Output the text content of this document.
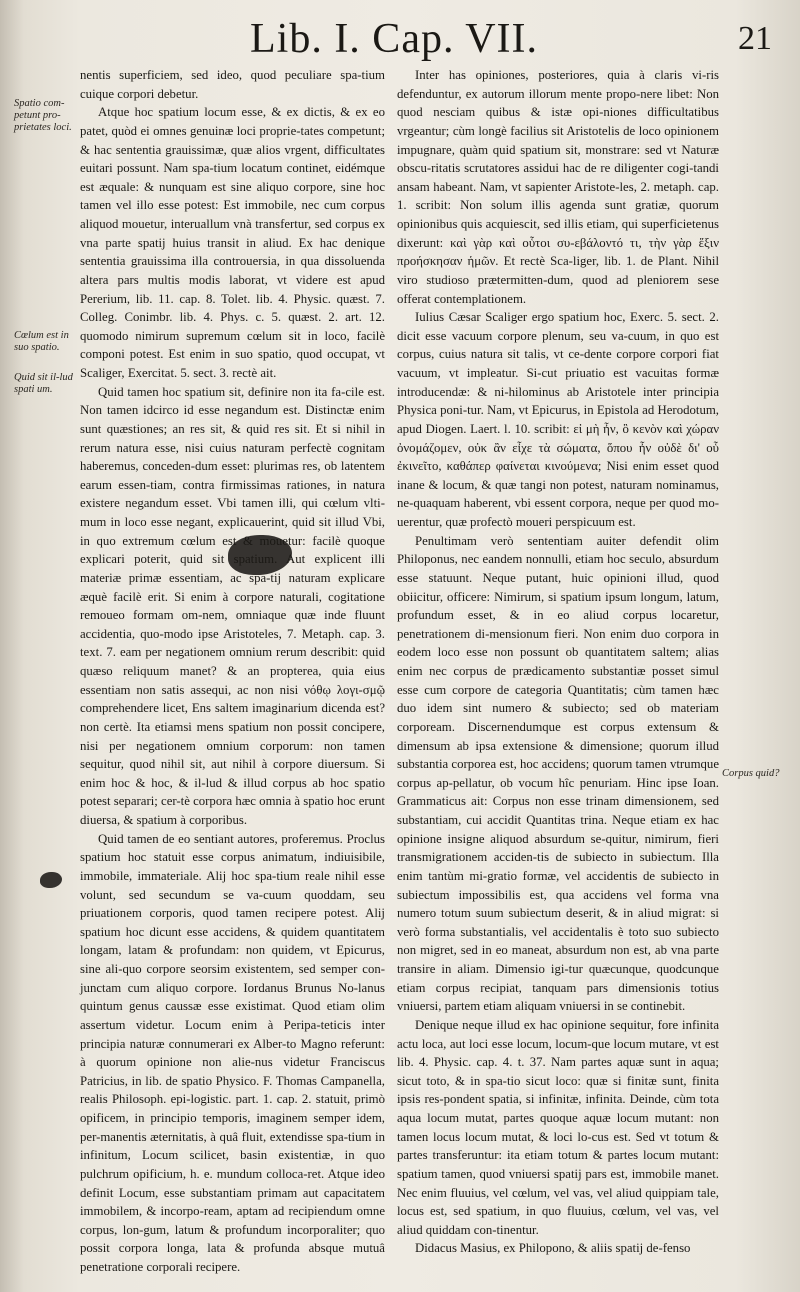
Lib. I. Cap. VII.	21
Spatio com-petunt pro-prietates loci.
Cœlum est in suo spatio.
Quid sit il-lud spati um.
Corpus quid?

nentis superficiem, sed ideo, quod peculiare spa-tium cuique corpori debetur.

Atque hoc spatium locum esse, & ex dictis, & ex eo patet, quòd ei omnes genuinæ loci proprie-tates competunt; & hac sententia grauissimæ, quæ alios vrgent, difficultates euitari possunt. Nam spa-tium locatum continet, eidémque est æquale: & nunquam est sine aliquo corpore, sine hoc tamen vel illo esse potest: Est immobile, nec cum corpus aliquod mouetur, interuallum vnà transfertur, sed corpus ex vna parte spatij huius transit in aliud. Ex hac denique sententia grauissima illa controuersia, in qua dissoluenda altera pars multis modis laborat, vt videre est apud Pererium, lib. 11. cap. 8. Tolet. lib. 4. Physic. quæst. 7. Colleg. Conimbr. lib. 4. Phys. c. 5. quæst. 2. art. 12. quomodo nimirum supremum cœlum sit in loco, facilè componi potest. Est enim in suo spatio, quod occupat, vt Scaliger, Exercitat. 5. sect. 3. rectè ait.

Quid tamen hoc spatium sit, definire non ita fa-cile est. Non tamen idcirco id esse negandum est. Distinctæ enim sunt quæstiones; an res sit, & quid res sit. Et si nihil in rerum natura esse, nisi cuius naturam perfectè cognitam haberemus, conceden-dum esset: plurimas res, ob latentem earum essen-tiam, contra firmissimas rationes, in natura existere negandum esset. Vbi tamen illi, qui cœlum vlti-mum in loco esse negant, explicauerint, quid sit illud Vbi, in quo extremum cœlum est & mouetur: facilè quoque explicari poterit, quid sit spatium. Aut explicent illi materiæ primæ essentiam, ac spa-tij naturam explicare æquè facilè erit. Si enim à corpore naturali, cogitatione remoueo formam om-nem, omniaque quæ inde fluunt accidentia, quo-modo ipse Aristoteles, 7. Metaph. cap. 3. text. 7. eam per negationem omnium rerum describit: quid quæso reliquum manet? & an propterea, quia eius essentiam non satis assequi, ac non nisi νόθῳ λογι-σμῷ comprehendere licet, Ens saltem imaginarium dicenda est? non certè. Ita etiamsi mens spatium non possit concipere, nisi per negationem omnium corporum: non tamen sequitur, quod nihil sit, aut nihil à corpore diuersum. Si enim hoc & hoc, & il-lud & illud corpus ab hoc spatio potest separari; cer-tè corpora hæc omnia à spatio hoc erunt diuersa, & spatium à corporibus.

Quid tamen de eo sentiant autores, proferemus. Proclus spatium hoc statuit esse corpus animatum, indiuisibile, immobile, immateriale. Alij hoc spa-tium reale nihil esse volunt, sed secundum se va-cuum quoddam, seu priuationem corporis, quod tamen recipere potest. Alij spatium hoc dicunt esse accidens, & quidem quantitatem longam, latam & profundam: non quidem, vt Epicurus, sine ali-quo corpore seorsim existentem, sed semper con-junctam cum aliquo corpore. Iordanus Brunus No-lanus quintum genus caussæ esse existimat. Quod etiam olim assertum videtur. Locum enim à Peripa-teticis inter principia naturæ connumerari ex Alber-to Magno referunt: à quorum opinione non alie-nus videtur Franciscus Patricius, in lib. de spatio Physico. F. Thomas Campanella, realis Philosoph. epi-logistic. part. 1. cap. 2. statuit, primò opificem, in principio temporis, imaginem semper idem, per-manentis æternitatis, à quâ fluit, extendisse spa-tium in infinitum, Locum scilicet, basin existentiæ, in quo pulchrum opificium, h. e. mundum colloca-ret. Atque ideo definit Locum, esse substantiam primam aut capacitatem immobilem, & incorpo-ream, aptam ad recipiendum omne corpus, lon-gum, latum & profundum incorporaliter; quo possit corpora longa, lata & profunda absque mutuâ penetratione corporali recipere.

Inter has opiniones, posteriores, quia à claris vi-ris defenduntur, ex autorum illorum mente propo-nere libet: Non quod nesciam quibus & istæ opi-niones difficultatibus vrgeantur; cùm longè facilius sit Aristotelis de loco opinionem impugnare, quàm quid spatium sit, monstrare: sed vt Naturæ obscu-ritatis scrutatores assidui hac de re diligenter cogi-tandi ansam habeant. Nam, vt sapienter Aristote-les, 2. metaph. cap. 1. scribit: Non solum illis agenda sunt gratiæ, quorum opinionibus quis acquiescit, sed illis etiam, qui superficietenus dixerunt: καὶ γὰρ καὶ οὗτοι συ-εβάλοντό τι, τὴν γὰρ ἕξιν προήσκησαν ἡμῶν. Et rectè Sca-liger, lib. 1. de Plant. Nihil viro studioso prætermitten-dum, quod ad pleniorem sese offerat contemplationem.

Iulius Cæsar Scaliger ergo spatium hoc, Exerc. 5. sect. 2. dicit esse vacuum corpore plenum, seu va-cuum, in quo est corpus, cuius natura sit talis, vt ce-dente corpore corpori fiat vacuum, vt impleatur. Si-cut priuatio est vacuitas formæ introducendæ: & ni-hilominus ab Aristotele inter principia Physica poni-tur. Nam, vt Epicurus, in Epistola ad Herodotum, apud Diogen. Laert. l. 10. scribit: εἰ μὴ ἦν, ὃ κενὸν καὶ χώραν ὀνομάζομεν, οὐκ ἂν εἶχε τὰ σώματα, ὅπου ἦν οὐδὲ δι' οὗ ἐκινεῖτο, καθάπερ φαίνεται κινούμενα; Nisi enim esset quod inane & locum, & quæ tangi non potest, naturam nominamus, ne-quaquam haberent, vbi essent corpora, neque per quod mo-uerentur, quæ profectò moueri perspicuum est.

Penultimam verò sententiam auiter defendit olim Philoponus, nec eandem nonnulli, etiam hoc seculo, absurdum esse statuunt. Neque putant, huic opinioni illud, quod obiicitur, officere: Nimirum, si spatium ipsum longum, latum, profundum esset, & in eo aliud corpus locaretur, penetrationem di-mensionum fieri. Non enim duo corpora in eodem loco esse non possunt ob quantitatem saltem; alias enim nec corpus de prædicamento substantiæ posset simul esse cum corpore de categoria Quantitatis; cùm tamen hæc duo idem sint numero & subiecto; sed ob materiam corpoream. Discernendumque est corpus extensum & dimensum ab ipsa extensione & dimensione; quorum illud substantia corporea est, hoc accidens; quorum tamen vtrumque corpus ap-pellatur, ob vocum hîc penuriam. Hinc ipse Ioan. Grammaticus ait: Corpus non esse trinam dimensionem, sed substantiam, cui accidit Quantitas trina. Neque etiam ex hac opinione insigne aliquod absurdum se-quitur, nimirum, fieri transmigrationem acciden-tis de subiecto in subiectum. Illa enim tantùm mi-gratio formæ, vel accidentis de subiecto in subiectum impossibilis est, qua accidens vel forma vna numero totum suum subiectum deserit, & in aliud migrat: si verò forma substantialis, vel accidentalis è toto suo subiecto non migret, sed in eo maneat, absurdum non est, ab vna parte transire in aliam. Dimensio igi-tur quæcunque, quodcunque etiam corpus recipiat, tanquam pars dimensionis totius vniuersi, partem etiam aliquam vniuersi in se continebit.

Denique neque illud ex hac opinione sequitur, fore infinita actu loca, aut loci esse locum, locum-que locum mutare, vt est lib. 4. Physic. cap. 4. t. 37. Nam partes aquæ sunt in aqua; sicut toto, & in spa-tio sicut loco: quæ si finitæ sunt, finita ipsis res-pondent spatia, si infinitæ, infinita. Deinde, cùm tota aqua locum mutat, partes quoque aquæ locum mutant: non tamen locus locum mutat, & loci lo-cus est. Sed vt totum & partes transferuntur: ita etiam totum & partes locum mutant: spatium tamen, quod vniuersi spatij pars est, immobile manet. Nec enim fluuius, vel cœlum, vel vas, vel aliud quippiam tale, locus est, sed spatium, in quo fluuius, cœlum, vel vas, vel aliud quiddam con-tinentur.

Didacus Masius, ex Philopono, & aliis spatij de-fenso
